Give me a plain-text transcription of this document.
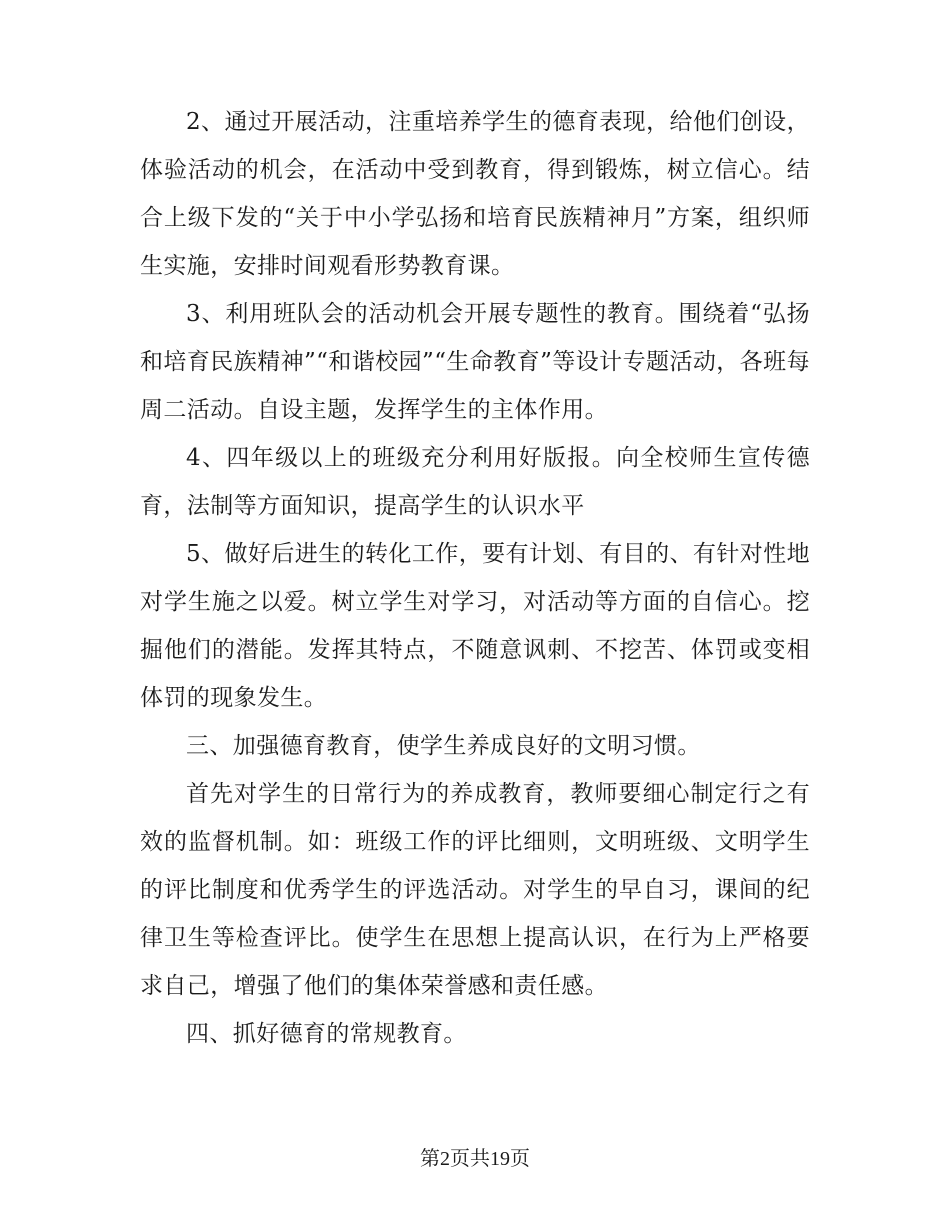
2、通过开展活动，注重培养学生的德育表现，给他们创设，体验活动的机会，在活动中受到教育，得到锻炼，树立信心。结合上级下发的“关于中小学弘扬和培育民族精神月”方案，组织师生实施，安排时间观看形势教育课。

3、利用班队会的活动机会开展专题性的教育。围绕着“弘扬和培育民族精神”“和谐校园”“生命教育”等设计专题活动，各班每周二活动。自设主题，发挥学生的主体作用。

4、四年级以上的班级充分利用好版报。向全校师生宣传德育，法制等方面知识，提高学生的认识水平

5、做好后进生的转化工作，要有计划、有目的、有针对性地对学生施之以爱。树立学生对学习，对活动等方面的自信心。挖掘他们的潜能。发挥其特点，不随意讽刺、不挖苦、体罚或变相体罚的现象发生。

三、加强德育教育，使学生养成良好的文明习惯。

首先对学生的日常行为的养成教育，教师要细心制定行之有效的监督机制。如：班级工作的评比细则，文明班级、文明学生的评比制度和优秀学生的评选活动。对学生的早自习，课间的纪律卫生等检查评比。使学生在思想上提高认识，在行为上严格要求自己，增强了他们的集体荣誉感和责任感。

四、抓好德育的常规教育。

第2页共19页
